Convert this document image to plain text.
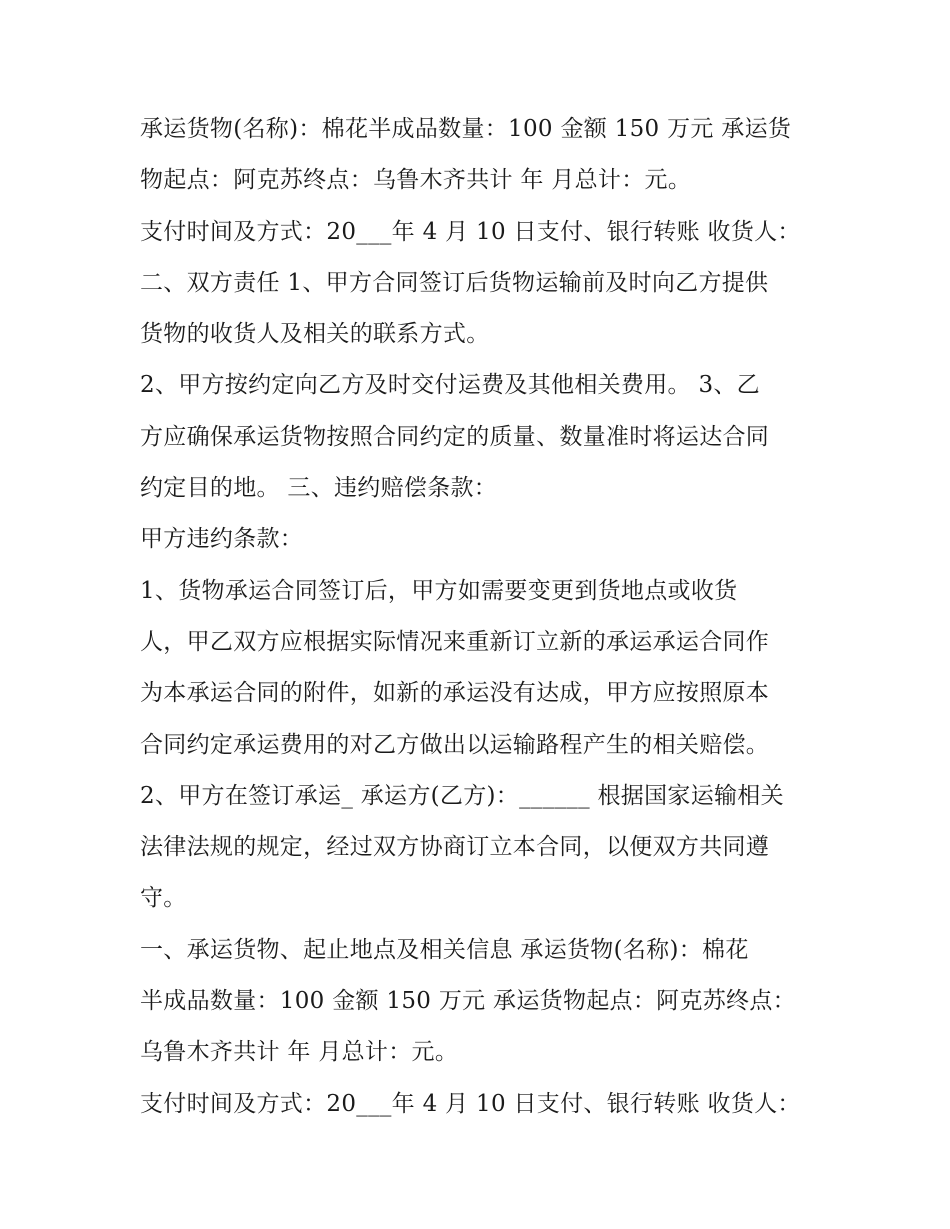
承运货物(名称)：棉花半成品数量：100 金额 150 万元 承运货
物起点：阿克苏终点：乌鲁木齐共计 年 月总计：元。
支付时间及方式：20___年 4 月 10 日支付、银行转账 收货人：
二、双方责任 1、甲方合同签订后货物运输前及时向乙方提供
货物的收货人及相关的联系方式。
2、甲方按约定向乙方及时交付运费及其他相关费用。 3、乙
方应确保承运货物按照合同约定的质量、数量准时将运达合同
约定目的地。 三、违约赔偿条款：
甲方违约条款：
1、货物承运合同签订后，甲方如需要变更到货地点或收货
人，甲乙双方应根据实际情况来重新订立新的承运承运合同作
为本承运合同的附件，如新的承运没有达成，甲方应按照原本
合同约定承运费用的对乙方做出以运输路程产生的相关赔偿。
2、甲方在签订承运_ 承运方(乙方)：______ 根据国家运输相关
法律法规的规定，经过双方协商订立本合同，以便双方共同遵
守。
一、承运货物、起止地点及相关信息 承运货物(名称)：棉花
半成品数量：100 金额 150 万元 承运货物起点：阿克苏终点：
乌鲁木齐共计 年 月总计：元。
支付时间及方式：20___年 4 月 10 日支付、银行转账 收货人：
